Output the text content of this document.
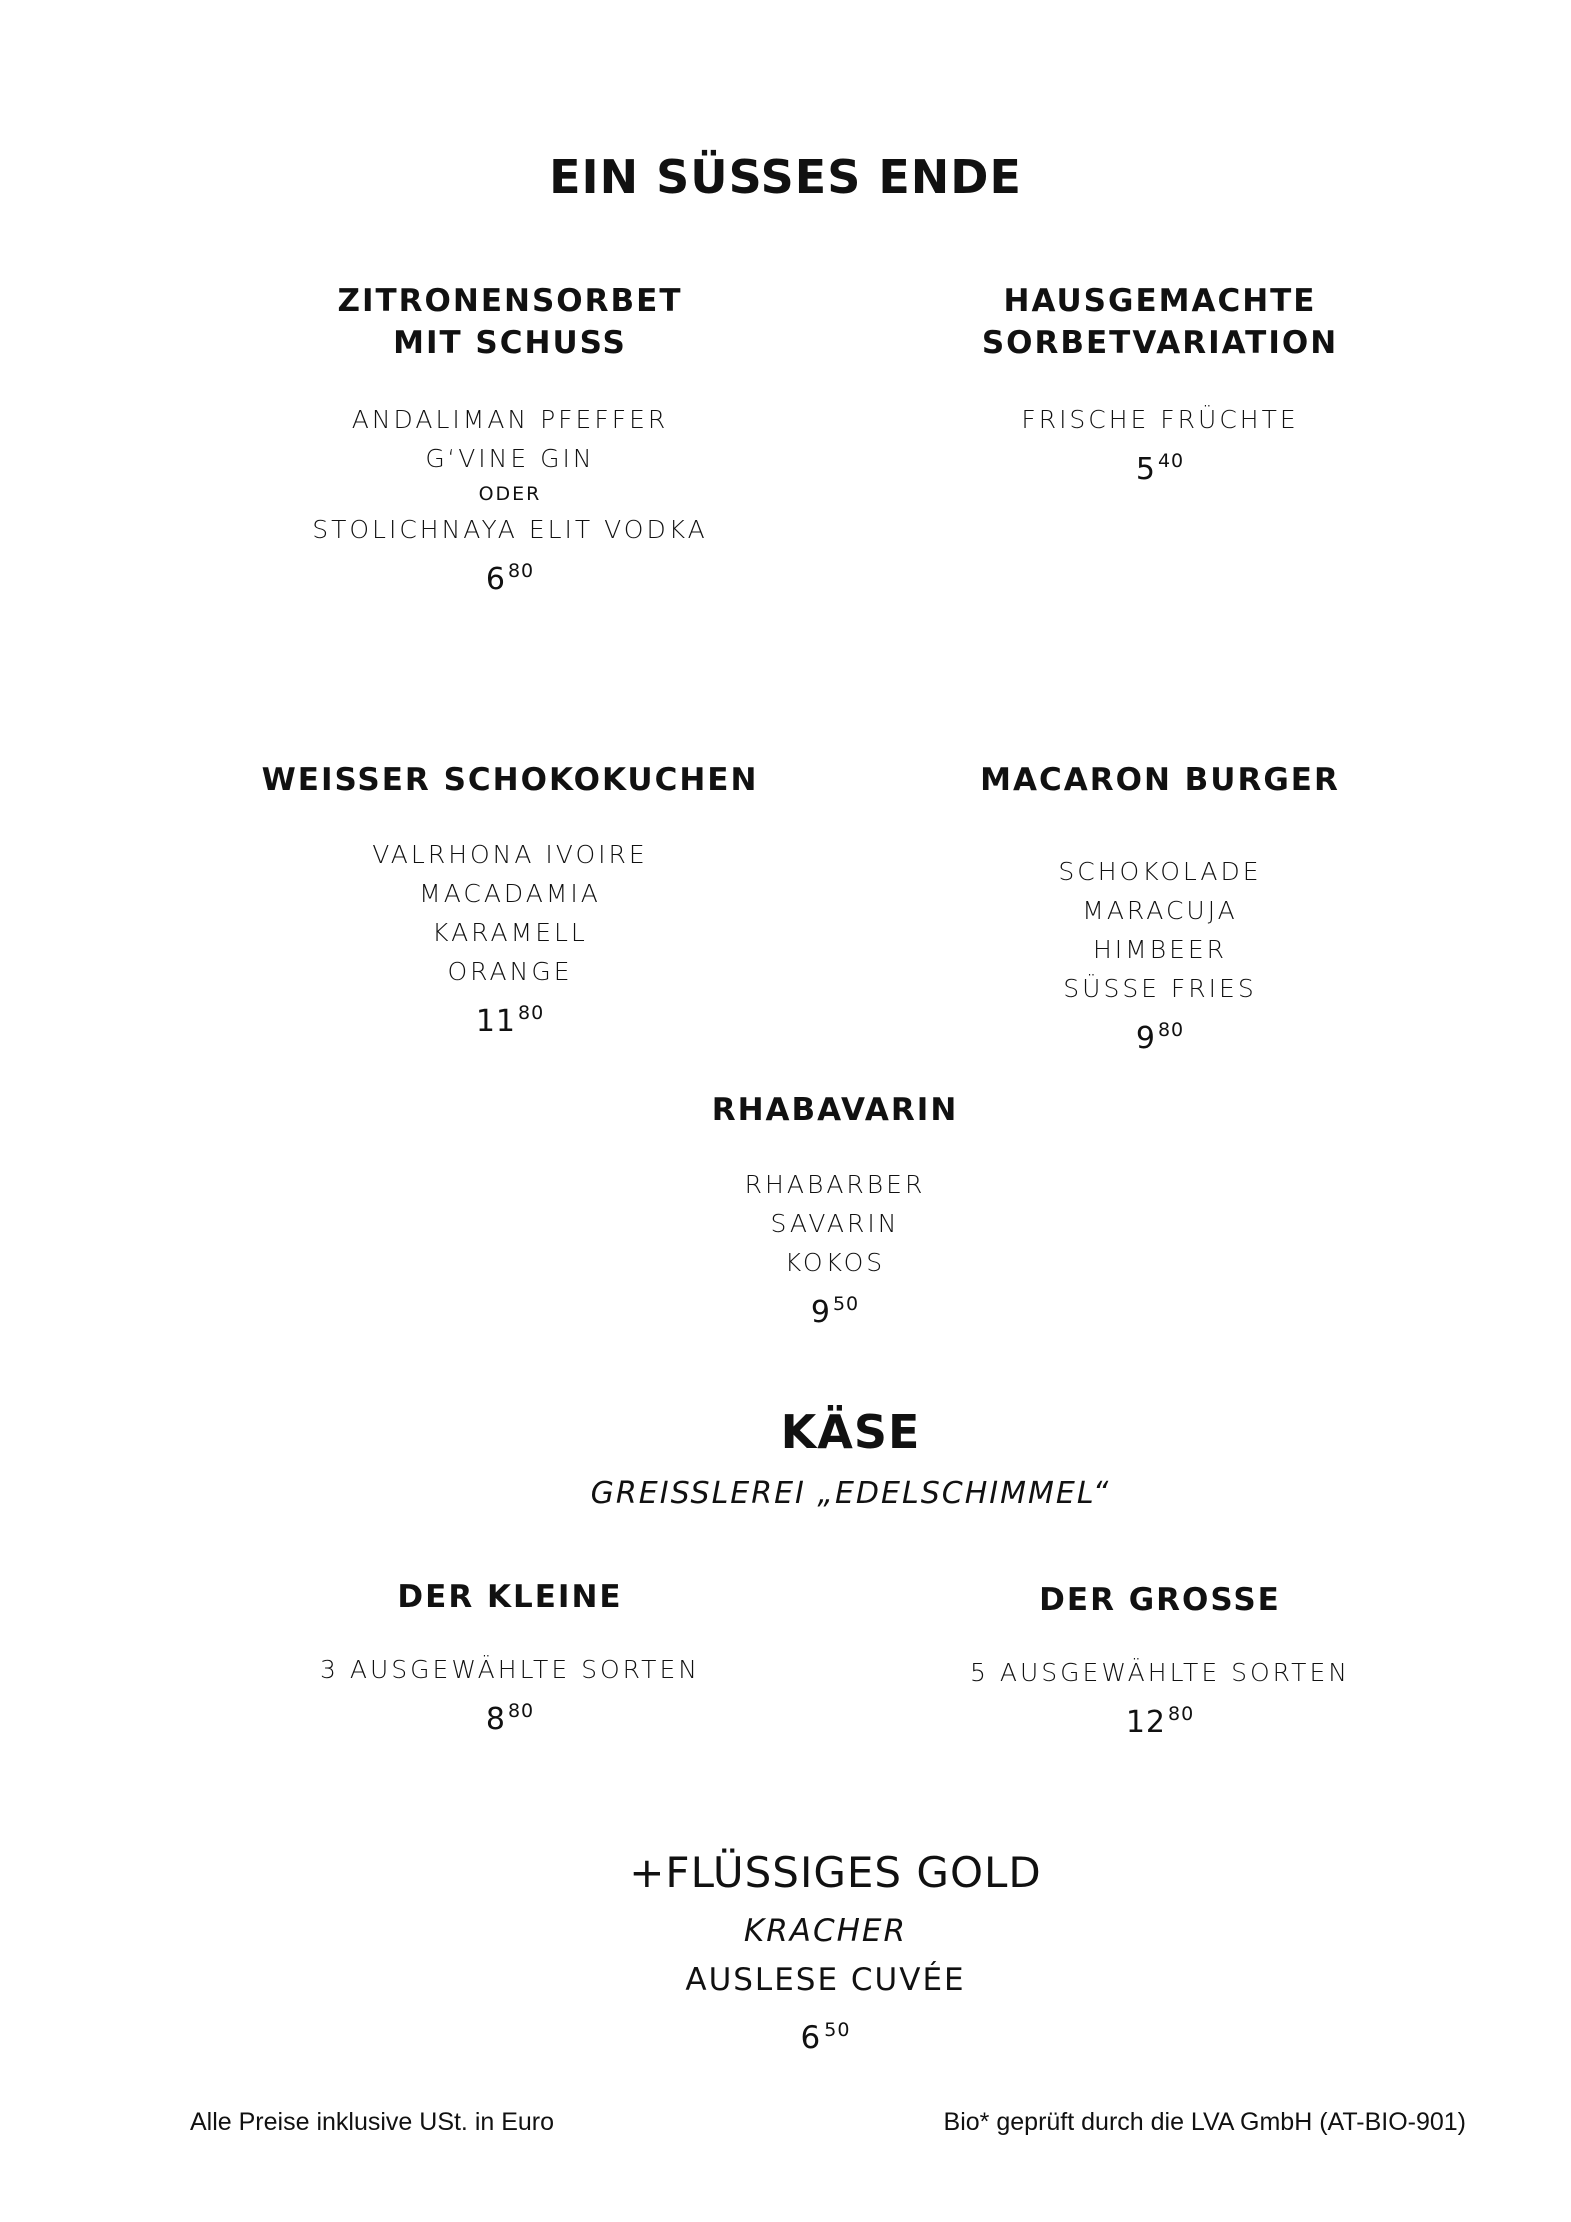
EIN SÜSSES ENDE
ZITRONENSORBET
MIT SCHUSS
ANDALIMAN PFEFFER
G‘VINE GIN
ODER
STOLICHNAYA ELIT VODKA
6 $^{80}$
HAUSGEMACHTE
SORBETVARIATION
FRISCHE FRÜCHTE
5 $^{40}$
WEISSER SCHOKOKUCHEN
VALRHONA IVOIRE
MACADAMIA
KARAMELL
ORANGE
11 $^{80}$
MACARON BURGER
SCHOKOLADE
MARACUJA
HIMBEER
SÜSSE FRIES
9 $^{80}$
RHABAVARIN
RHABARBER
SAVARIN
KOKOS
9 $^{50}$
KÄSE
GREISSLEREI „EDELSCHIMMEL“
DER KLEINE
3 AUSGEWÄHLTE SORTEN
8 $^{80}$
DER GROSSE
5 AUSGEWÄHLTE SORTEN
12 $^{80}$
+FLÜSSIGES GOLD
KRACHER
AUSLESE CUVÉE
6 $^{50}$
Alle Preise inklusive USt. in Euro	Bio* geprüft durch die LVA GmbH (AT-BIO-901)
